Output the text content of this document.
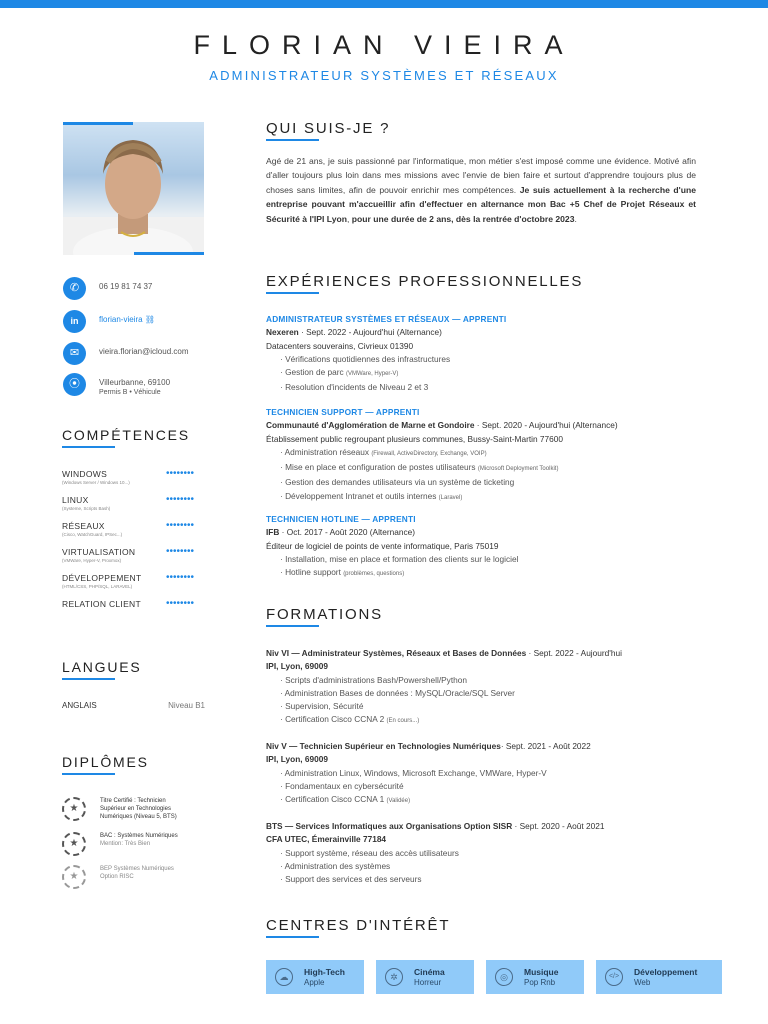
FLORIAN VIEIRA
ADMINISTRATEUR SYSTÈMES ET RÉSEAUX
✆	06 19 81 74 37
in	florian-vieira ⛓
✉	vieira.florian@icloud.com
⦿	Villeurbanne, 69100
Permis B • Véhicule
COMPÉTENCES
WINDOWS
(Windows Server / Windows 10...)
••••••••
LINUX
(Systeme, Scripts Bash)
••••••••
RÉSEAUX
(Cisco, WatchGuard, IPSec...)
••••••••
VIRTUALISATION
(VMWare, Hyper-V, Proxmox)
••••••••
DÉVELOPPEMENT
(HTML/CSS, PHP/SQL, LARAVEL)
••••••••
RELATION CLIENT	••••••••
LANGUES
ANGLAIS	Niveau B1
DIPLÔMES
★
Titre Certifié : Technicien
Supérieur en Technologies
Numériques (Niveau 5, BTS)
★
BAC : Systèmes Numériques
Mention: Très Bien
★
BEP Systèmes Numériques
Option RISC
QUI SUIS-JE ?
Agé de 21 ans, je suis passionné par l'informatique, mon métier s'est imposé comme une évidence. Motivé afin d'aller toujours plus loin dans mes missions avec l'envie de bien faire et surtout d'apprendre toujours plus de choses sans limites, afin de pouvoir enrichir mes compétences. Je suis actuellement à la recherche d'une entreprise pouvant m'accueillir afin d'effectuer en alternance mon Bac +5 Chef de Projet Réseaux et Sécurité à l'IPI Lyon, pour une durée de 2 ans, dès la rentrée d'octobre 2023.
EXPÉRIENCES PROFESSIONNELLES
ADMINISTRATEUR SYSTÈMES ET RÉSEAUX — APPRENTI
Nexeren · Sept. 2022 - Aujourd'hui (Alternance)
Datacenters souverains, Civrieux 01390
· Vérifications quotidiennes des infrastructures
· Gestion de parc (VMWare, Hyper-V)
· Resolution d'incidents de Niveau 2 et 3
TECHNICIEN SUPPORT — APPRENTI
Communauté d'Agglomération de Marne et Gondoire · Sept. 2020 - Aujourd'hui (Alternance)
Établissement public regroupant plusieurs communes, Bussy-Saint-Martin 77600
· Administration réseaux (Firewall, ActiveDirectory, Exchange, VOIP)
· Mise en place et configuration de postes utilisateurs (Microsoft Deployment Toolkit)
· Gestion des demandes utilisateurs via un système de ticketing
· Développement Intranet et outils internes (Laravel)
TECHNICIEN HOTLINE — APPRENTI
IFB · Oct. 2017 - Août 2020 (Alternance)
Éditeur de logiciel de points de vente informatique, Paris 75019
· Installation, mise en place et formation des clients sur le logiciel
· Hotline support (problèmes, questions)
FORMATIONS
Niv VI — Administrateur Systèmes, Réseaux et Bases de Données · Sept. 2022 - Aujourd'hui
IPI, Lyon, 69009
· Scripts d'administrations Bash/Powershell/Python
· Administration Bases de données : MySQL/Oracle/SQL Server
· Supervision, Sécurité
· Certification Cisco CCNA 2 (En cours...)
Niv V — Technicien Supérieur en Technologies Numériques· Sept. 2021 - Août 2022
IPI, Lyon, 69009
· Administration Linux, Windows, Microsoft Exchange, VMWare, Hyper-V
· Fondamentaux en cybersécurité
· Certification Cisco CCNA 1 (Validée)
BTS — Services Informatiques aux Organisations Option SISR · Sept. 2020 - Août 2021
CFA UTEC, Émerainville 77184
· Support système, réseau des accès utilisateurs
· Administration des systèmes
· Support des services et des serveurs
CENTRES D'INTÉRÊT
☁	High-Tech
Apple
✲	Cinéma
Horreur
◎	Musique
Pop Rnb
</>	Développement
Web
